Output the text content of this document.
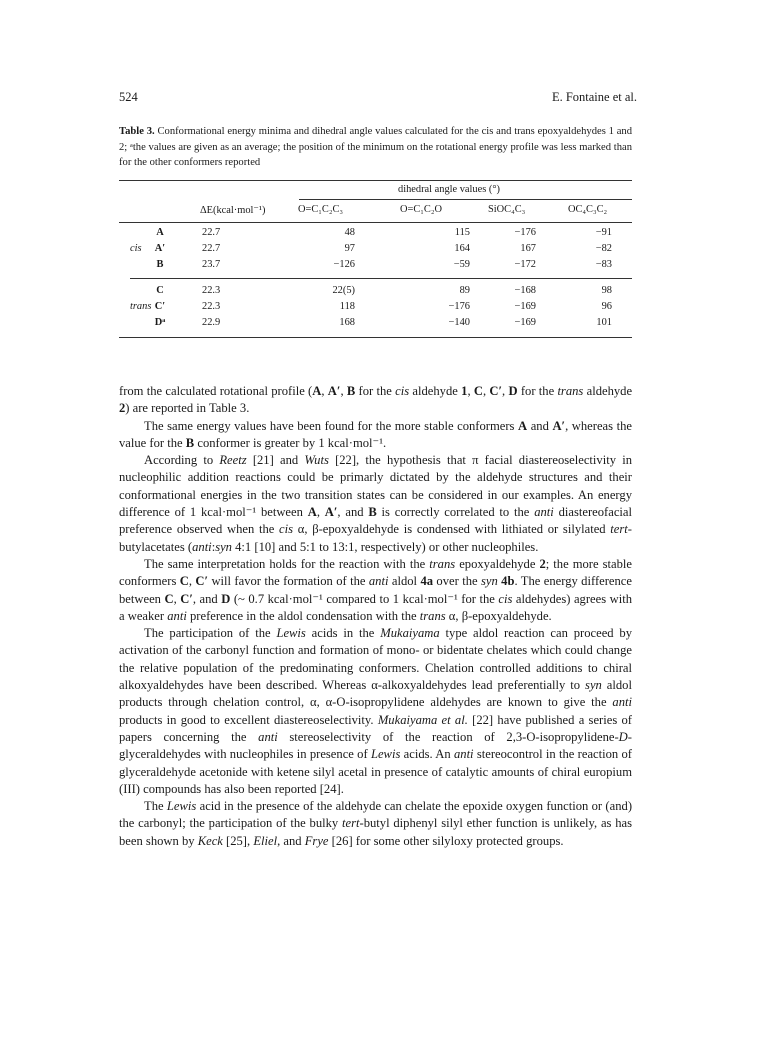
524	E. Fontaine et al.
Table 3. Conformational energy minima and dihedral angle values calculated for the cis and trans epoxyaldehydes 1 and 2; ᵃthe values are given as an average; the position of the minimum on the rotational energy profile was less marked than for the other conformers reported
dihedral angle values (°)
ΔE(kcal·mol⁻¹)	O=C₁C₂C₃	O=C₁C₂O	SiOC₄C₃	OC₄C₃C₂
cis
A	22.7	48	115	−176	−91
A′	22.7	97	164	167	−82
B	23.7	−126	−59	−172	−83
trans
C	22.3	22(5)	89	−168	98
C′	22.3	118	−176	−169	96
Dᵃ	22.9	168	−140	−169	101

from the calculated rotational profile (A, A′, B for the cis aldehyde 1, C, C′, D for the trans aldehyde 2) are reported in Table 3.

The same energy values have been found for the more stable conformers A and A′, whereas the value for the B conformer is greater by 1 kcal·mol⁻¹.

According to Reetz [21] and Wuts [22], the hypothesis that π facial diastereoselectivity in nucleophilic addition reactions could be primarly dictated by the aldehyde structures and their conformational energies in the two transition states can be considered in our examples. An energy difference of 1 kcal·mol⁻¹ between A, A′, and B is correctly correlated to the anti diastereofacial preference observed when the cis α, β-epoxyaldehyde is condensed with lithiated or silylated tert-butylacetates (anti:syn 4:1 [10] and 5:1 to 13:1, respectively) or other nucleophiles.

The same interpretation holds for the reaction with the trans epoxyaldehyde 2; the more stable conformers C, C′ will favor the formation of the anti aldol 4a over the syn 4b. The energy difference between C, C′, and D (~ 0.7 kcal·mol⁻¹ compared to 1 kcal·mol⁻¹ for the cis aldehydes) agrees with a weaker anti preference in the aldol condensation with the trans α, β-epoxyaldehyde.

The participation of the Lewis acids in the Mukaiyama type aldol reaction can proceed by activation of the carbonyl function and formation of mono- or bidentate chelates which could change the relative population of the predominating conformers. Chelation controlled additions to chiral alkoxyaldehydes have been described. Whereas α-alkoxyaldehydes lead preferentially to syn aldol products through chelation control, α, α-O-isopropylidene aldehydes are known to give the anti products in good to excellent diastereoselectivity. Mukaiyama et al. [22] have published a series of papers concerning the anti stereoselectivity of the reaction of 2,3-O-isopropylidene-D-glyceraldehydes with nucleophiles in presence of Lewis acids. An anti stereocontrol in the reaction of glyceraldehyde acetonide with ketene silyl acetal in presence of catalytic amounts of chiral europium (III) compounds has also been reported [24].

The Lewis acid in the presence of the aldehyde can chelate the epoxide oxygen function or (and) the carbonyl; the participation of the bulky tert-butyl diphenyl silyl ether function is unlikely, as has been shown by Keck [25], Eliel, and Frye [26] for some other silyloxy protected groups.
